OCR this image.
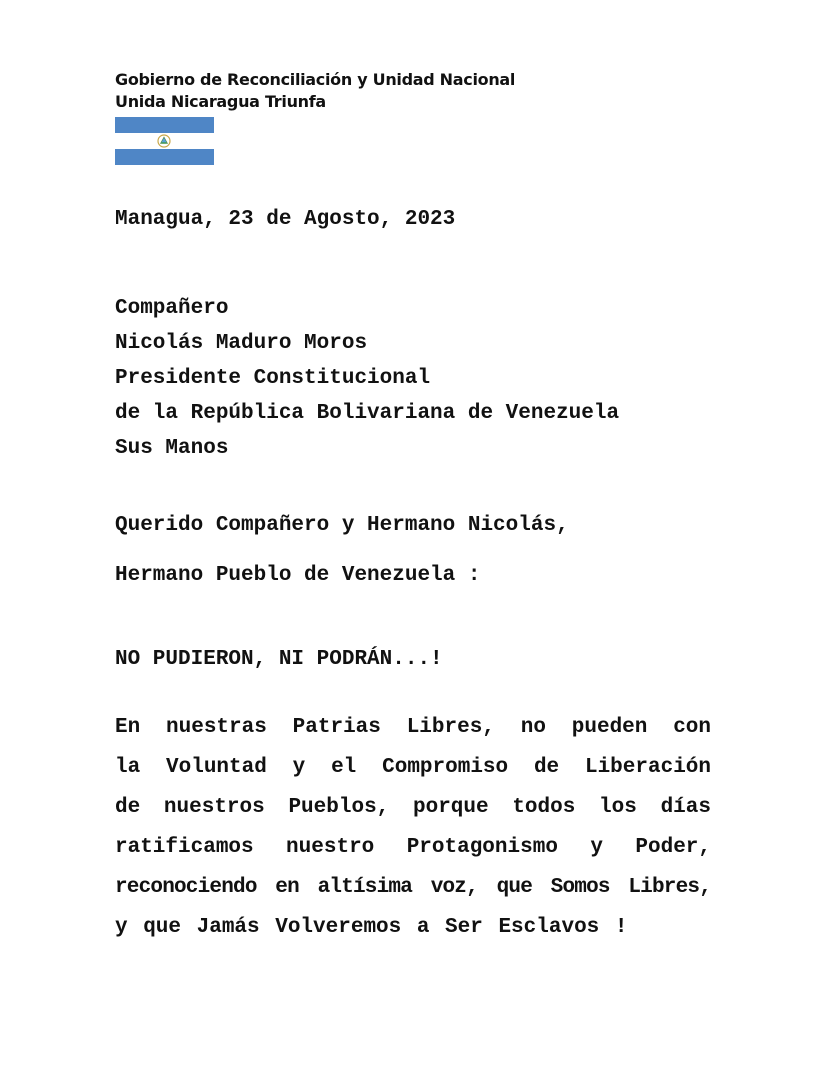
Gobierno de Reconciliación y Unidad Nacional
Unida Nicaragua Triunfa
Managua, 23 de Agosto, 2023
Compañero
Nicolás Maduro Moros
Presidente Constitucional
de la República Bolivariana de Venezuela
Sus Manos
Querido Compañero y Hermano Nicolás,
Hermano Pueblo de Venezuela :
NO PUDIERON, NI PODRÁN...!
En nuestras Patrias Libres, no pueden con
la Voluntad y el Compromiso de Liberación
de nuestros Pueblos, porque todos los días
ratificamos nuestro Protagonismo y Poder,
reconociendo en altísima voz, que Somos Libres,
y que Jamás Volveremos a Ser Esclavos !
